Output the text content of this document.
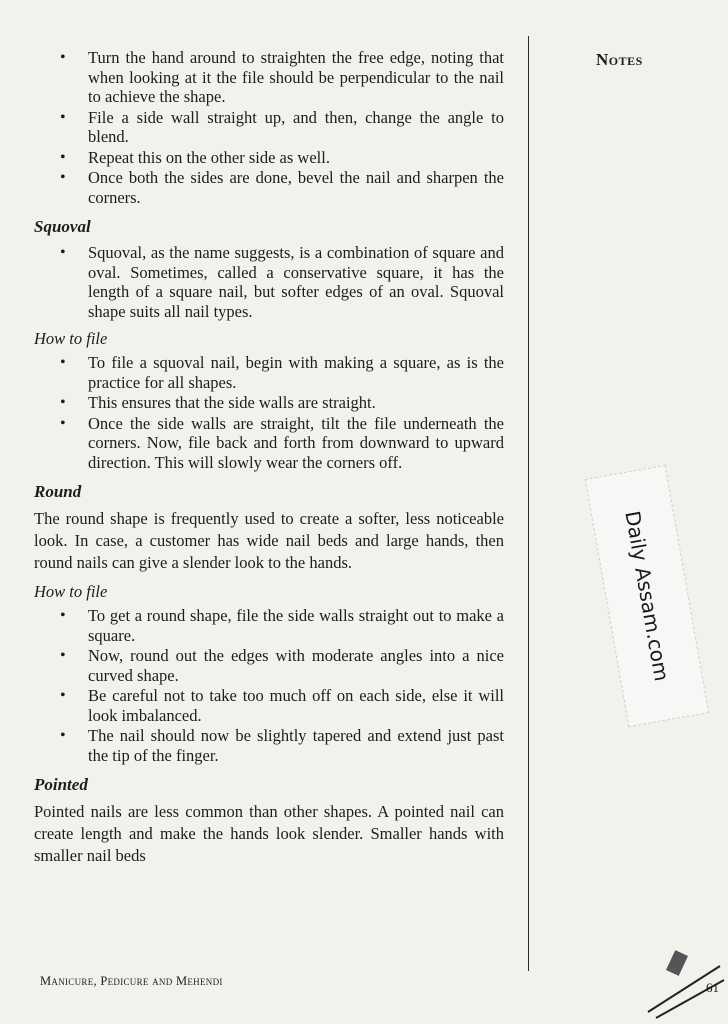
Notes
• Turn the hand around to straighten the free edge, noting that when looking at it the file should be perpendicular to the nail to achieve the shape.
• File a side wall straight up, and then, change the angle to blend.
• Repeat this on the other side as well.
• Once both the sides are done, bevel the nail and sharpen the corners.
Squoval
• Squoval, as the name suggests, is a combination of square and oval. Sometimes, called a conservative square, it has the length of a square nail, but softer edges of an oval. Squoval shape suits all nail types.
How to file
• To file a squoval nail, begin with making a square, as is the practice for all shapes.
• This ensures that the side walls are straight.
• Once the side walls are straight, tilt the file underneath the corners. Now, file back and forth from downward to upward direction. This will slowly wear the corners off.
Round

The round shape is frequently used to create a softer, less noticeable look. In case, a customer has wide nail beds and large hands, then round nails can give a slender look to the hands.

How to file
• To get a round shape, file the side walls straight out to make a square.
• Now, round out the edges with moderate angles into a nice curved shape.
• Be careful not to take too much off on each side, else it will look imbalanced.
• The nail should now be slightly tapered and extend just past the tip of the finger.
Pointed

Pointed nails are less common than other shapes. A pointed nail can create length and make the hands look slender. Smaller hands with smaller nail beds

Daily Assam.com
Manicure, Pedicure and Mehendi	61
